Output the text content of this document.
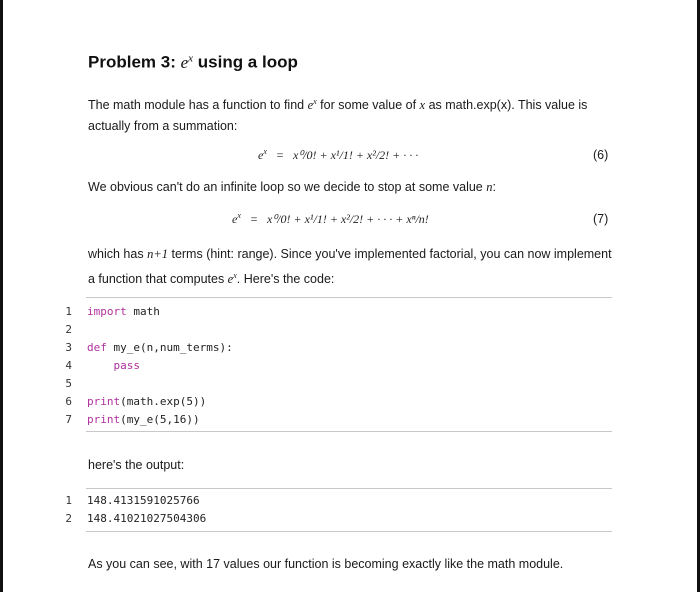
Problem 3: $e^x$ using a loop
The math module has a function to find $e^x$ for some value of x as math.exp(x). This value is actually from a summation:
$e^x = x^0/0$! + x¹/1! + x²/2! + · · ·	(6)
We obvious can't do an infinite loop so we decide to stop at some value n:
$e^x = x^0/0$! + x¹/1! + x²/2! + · · · + xⁿ/n!	(7)
which has n+1 terms (hint: range). Since you've implemented factorial, you can now implement a function that computes $e^x$. Here's the code:
1 import math
2
3 def my_e(n,num_terms):
4    pass
5
6 print(math.exp(5))
7 print(my_e(5,16))
here's the output:
1 148.4131591025766
2 148.41021027504306
As you can see, with 17 values our function is becoming exactly like the math module.
